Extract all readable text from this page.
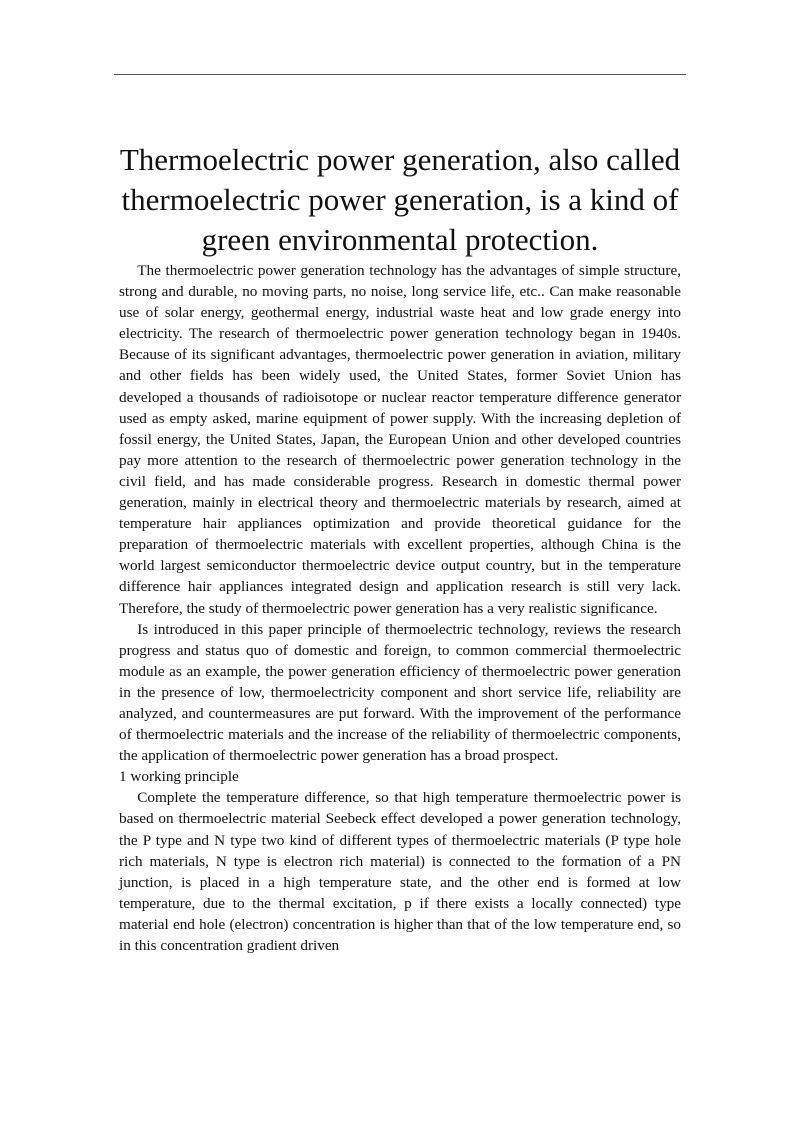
Thermoelectric power generation, also called thermoelectric power generation, is a kind of green environmental protection.

The thermoelectric power generation technology has the advantages of simple structure, strong and durable, no moving parts, no noise, long service life, etc.. Can make reasonable use of solar energy, geothermal energy, industrial waste heat and low grade energy into electricity. The research of thermoelectric power generation technology began in 1940s. Because of its significant advantages, thermoelectric power generation in aviation, military and other fields has been widely used, the United States, former Soviet Union has developed a thousands of radioisotope or nuclear reactor temperature difference generator used as empty asked, marine equipment of power supply. With the increasing depletion of fossil energy, the United States, Japan, the European Union and other developed countries pay more attention to the research of thermoelectric power generation technology in the civil field, and has made considerable progress. Research in domestic thermal power generation, mainly in electrical theory and thermoelectric materials by research, aimed at temperature hair appliances optimization and provide theoretical guidance for the preparation of thermoelectric materials with excellent properties, although China is the world largest semiconductor thermoelectric device output country, but in the temperature difference hair appliances integrated design and application research is still very lack. Therefore, the study of thermoelectric power generation has a very realistic significance.

Is introduced in this paper principle of thermoelectric technology, reviews the research progress and status quo of domestic and foreign, to common commercial thermoelectric module as an example, the power generation efficiency of thermoelectric power generation in the presence of low, thermoelectricity component and short service life, reliability are analyzed, and countermeasures are put forward. With the improvement of the performance of thermoelectric materials and the increase of the reliability of thermoelectric components, the application of thermoelectric power generation has a broad prospect.

1 working principle

Complete the temperature difference, so that high temperature thermoelectric power is based on thermoelectric material Seebeck effect developed a power generation technology, the P type and N type two kind of different types of thermoelectric materials (P type hole rich materials, N type is electron rich material) is connected to the formation of a PN junction, is placed in a high temperature state, and the other end is formed at low temperature, due to the thermal excitation, p if there exists a locally connected) type material end hole (electron) concentration is higher than that of the low temperature end, so in this concentration gradient driven
